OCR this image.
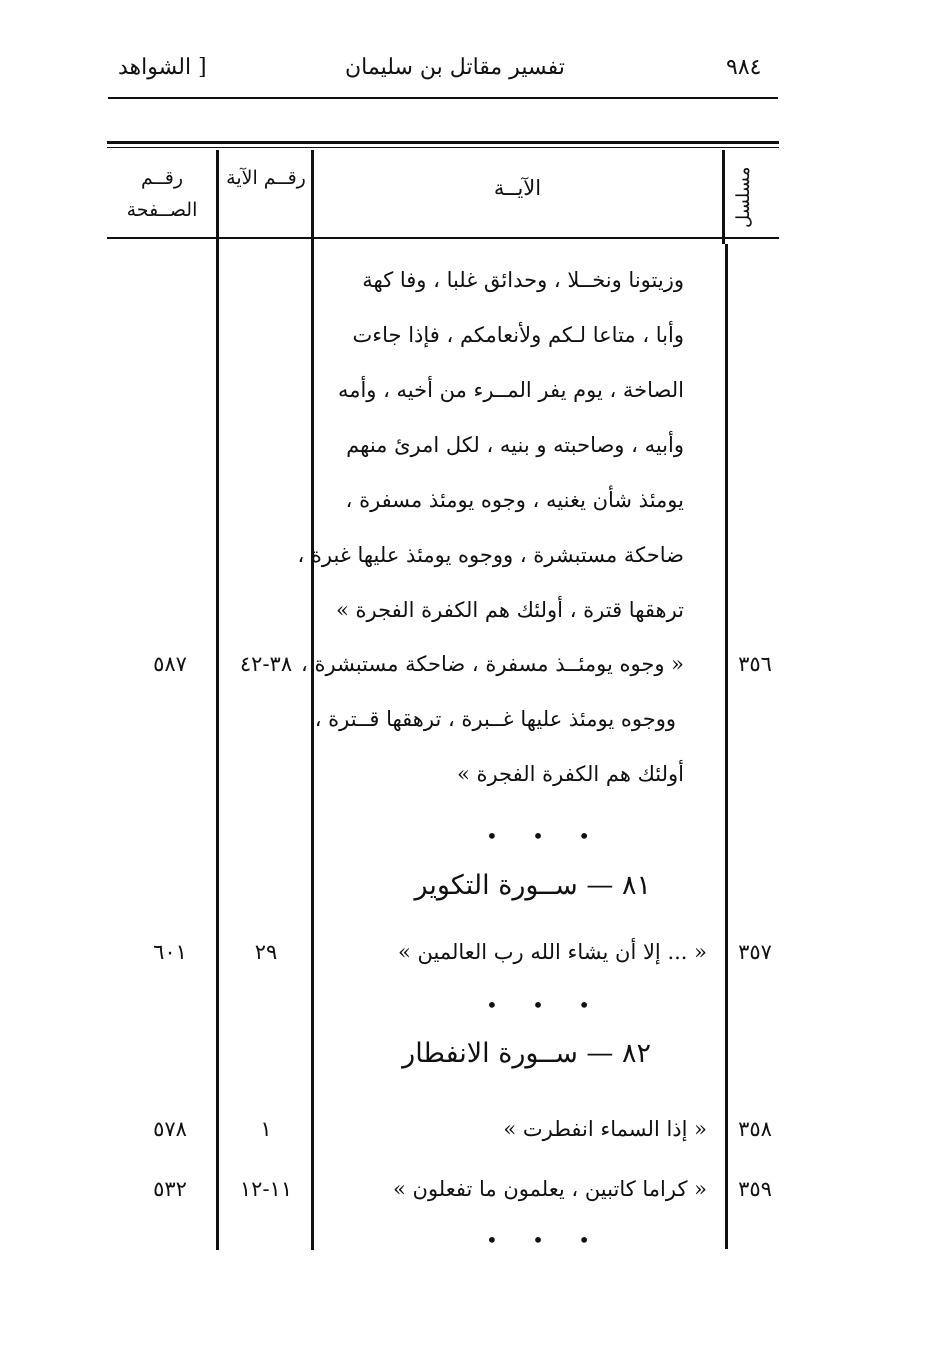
٩٨٤
تفسير مقاتل بن سليمان
[ الشواهد
مسلسل
الآيــة
رقــم الآية
رقــم الصــفحة
وزيتونا ونخــلا ، وحدائق غلبا ، وفا كهة
وأبا ، متاعا لـكم ولأنعامكم ، فإذا جاءت
الصاخة ، يوم يفر المــرء من أخيه ، وأمه
وأبيه ، وصاحبته و بنيه ، لكل امرئ منهم
يومئذ شأن يغنيه ، وجوه يومئذ مسفرة ،
ضاحكة مستبشرة ، ووجوه يومئذ عليها غبرة ،
ترهقها قترة ، أولئك هم الكفرة الفجرة »
٣٥٦
« وجوه يومئــذ مسفرة ، ضاحكة مستبشرة ،
ووجوه يومئذ عليها غــبرة ، ترهقها قــترة ،
أولئك هم الكفرة الفجرة »
٣٨-٤٢
٥٨٧
• • •
٨١ — ســورة التكوير
٣٥٧
« ... إلا أن يشاء الله رب العالمين »
٢٩
٦٠١
• • •
٨٢ — ســورة الانفطار
٣٥٨
« إذا السماء انفطرت »
١
٥٧٨
٣٥٩
« كراما كاتبين ، يعلمون ما تفعلون »
١١-١٢
٥٣٢
• • •
